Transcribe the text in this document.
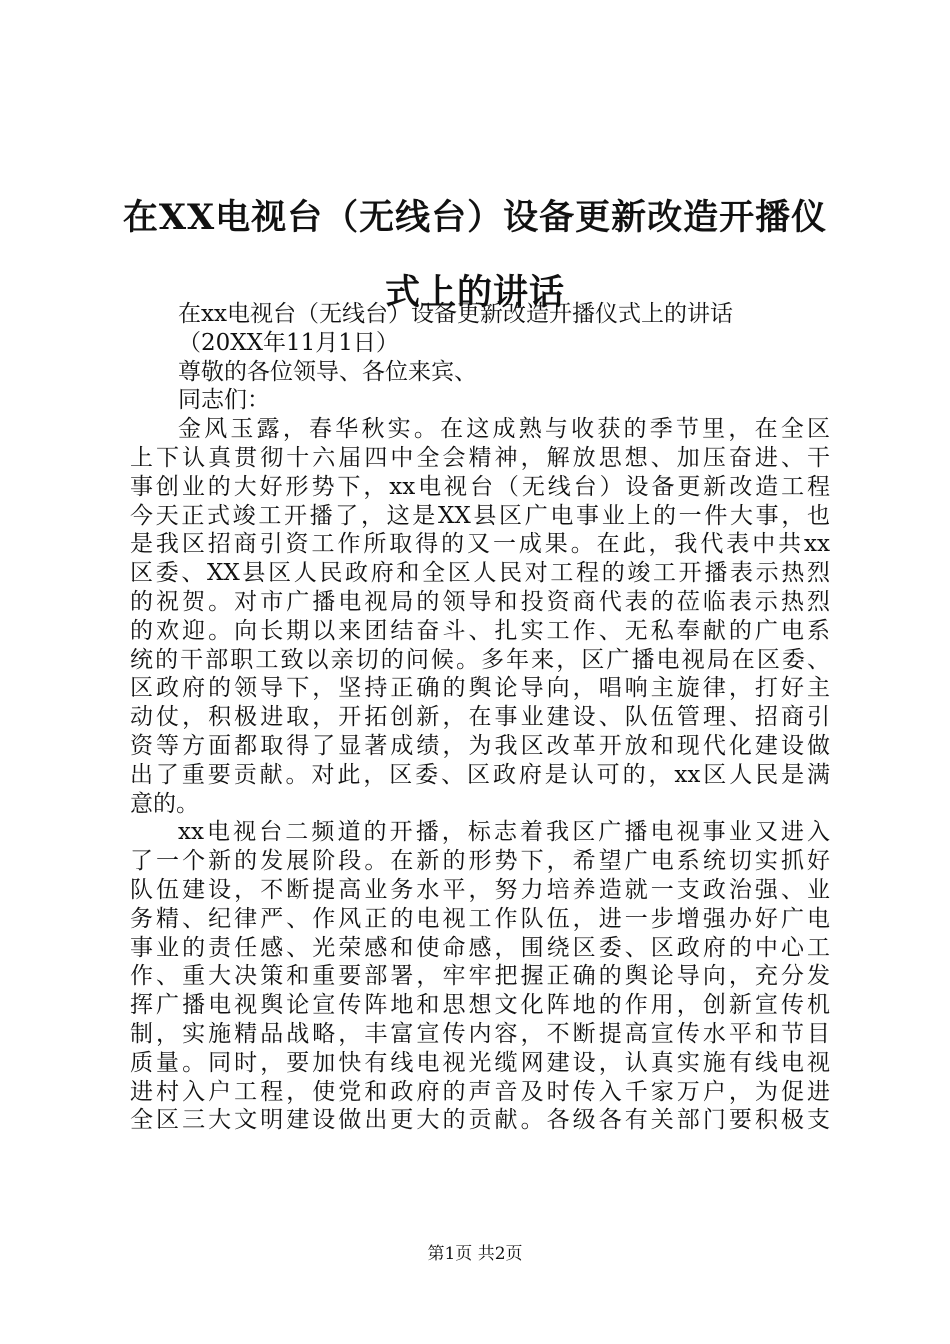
在XX电视台（无线台）设备更新改造开播仪
式上的讲话

在xx电视台（无线台）设备更新改造开播仪式上的讲话

（20XX年11月1日）

尊敬的各位领导、各位来宾、

同志们：

金风玉露，春华秋实。在这成熟与收获的季节里，在全区

上下认真贯彻十六届四中全会精神，解放思想、加压奋进、干

事创业的大好形势下，xx电视台（无线台）设备更新改造工程

今天正式竣工开播了，这是XX县区广电事业上的一件大事，也

是我区招商引资工作所取得的又一成果。在此，我代表中共xx

区委、XX县区人民政府和全区人民对工程的竣工开播表示热烈

的祝贺。对市广播电视局的领导和投资商代表的莅临表示热烈

的欢迎。向长期以来团结奋斗、扎实工作、无私奉献的广电系

统的干部职工致以亲切的问候。多年来，区广播电视局在区委、

区政府的领导下，坚持正确的舆论导向，唱响主旋律，打好主

动仗，积极进取，开拓创新，在事业建设、队伍管理、招商引

资等方面都取得了显著成绩，为我区改革开放和现代化建设做

出了重要贡献。对此，区委、区政府是认可的，xx区人民是满

意的。

xx电视台二频道的开播，标志着我区广播电视事业又进入

了一个新的发展阶段。在新的形势下，希望广电系统切实抓好

队伍建设，不断提高业务水平，努力培养造就一支政治强、业

务精、纪律严、作风正的电视工作队伍，进一步增强办好广电

事业的责任感、光荣感和使命感，围绕区委、区政府的中心工

作、重大决策和重要部署，牢牢把握正确的舆论导向，充分发

挥广播电视舆论宣传阵地和思想文化阵地的作用，创新宣传机

制，实施精品战略，丰富宣传内容，不断提高宣传水平和节目

质量。同时，要加快有线电视光缆网建设，认真实施有线电视

进村入户工程，使党和政府的声音及时传入千家万户，为促进

全区三大文明建设做出更大的贡献。各级各有关部门要积极支

第1页 共2页
